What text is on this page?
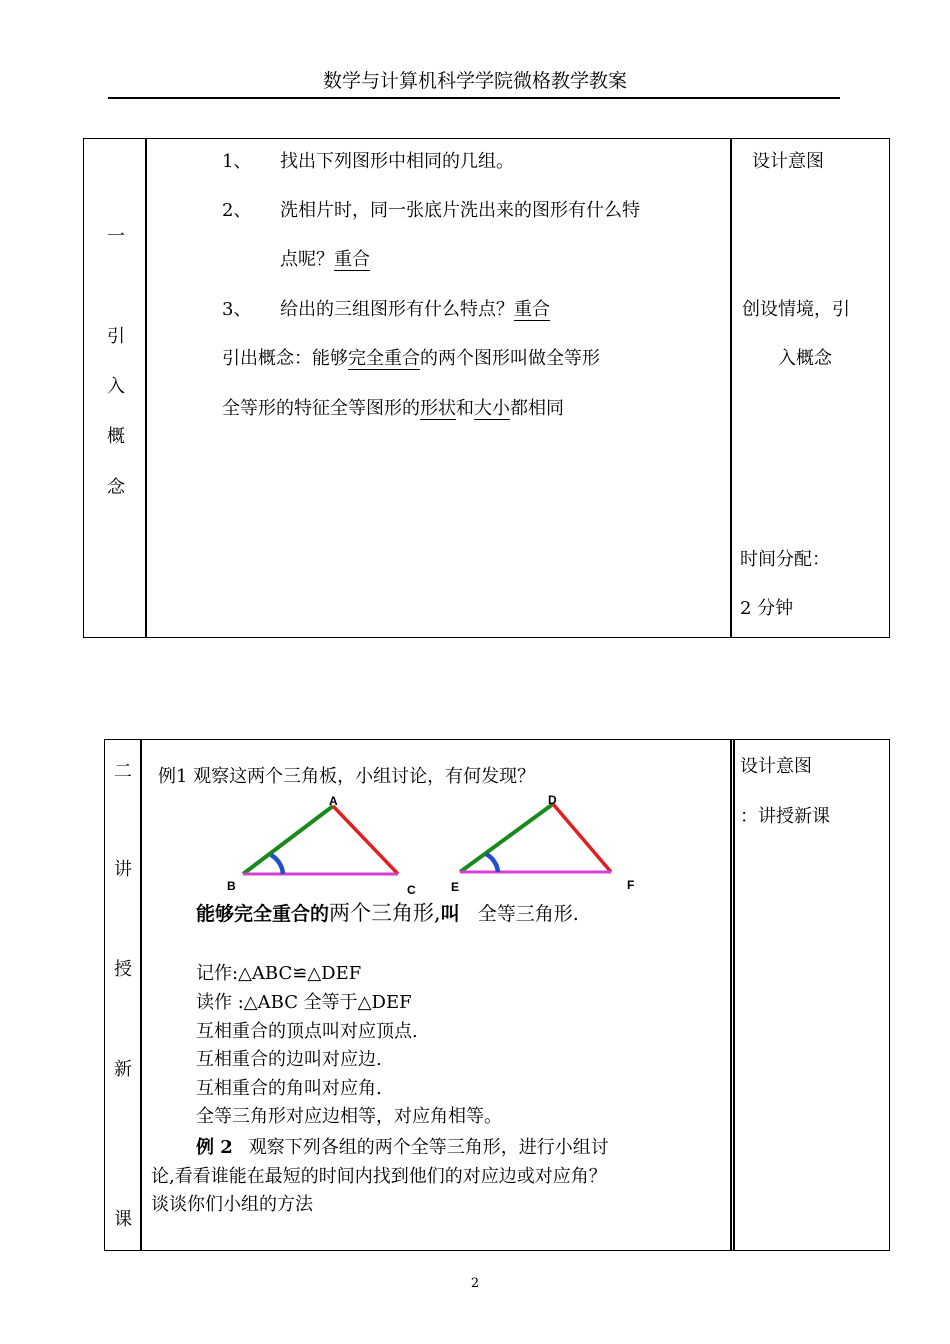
数学与计算机科学学院微格教学教案
一
引
入
概
念
1、 找出下列图形中相同的几组。
2、 洗相片时，同一张底片洗出来的图形有什么特
点呢？重合
3、 给出的三组图形有什么特点？重合
引出概念：能够完全重合的两个图形叫做全等形
全等形的特征全等图形的形状和大小都相同
设计意图
创设情境，引
入概念
时间分配：
2 分钟
二
讲
授
新
课
例1 观察这两个三角板，小组讨论，有何发现？
A
B	C
D
E	F
能够完全重合的两个三角形,叫 全等三角形.
记作:△ABC≌△DEF
读作 :△ABC 全等于△DEF
互相重合的顶点叫对应顶点.
互相重合的边叫对应边.
互相重合的角叫对应角.
全等三角形对应边相等，对应角相等。
例 2 观察下列各组的两个全等三角形，进行小组讨
论,看看谁能在最短的时间内找到他们的对应边或对应角？
谈谈你们小组的方法
设计意图
：讲授新课
2
